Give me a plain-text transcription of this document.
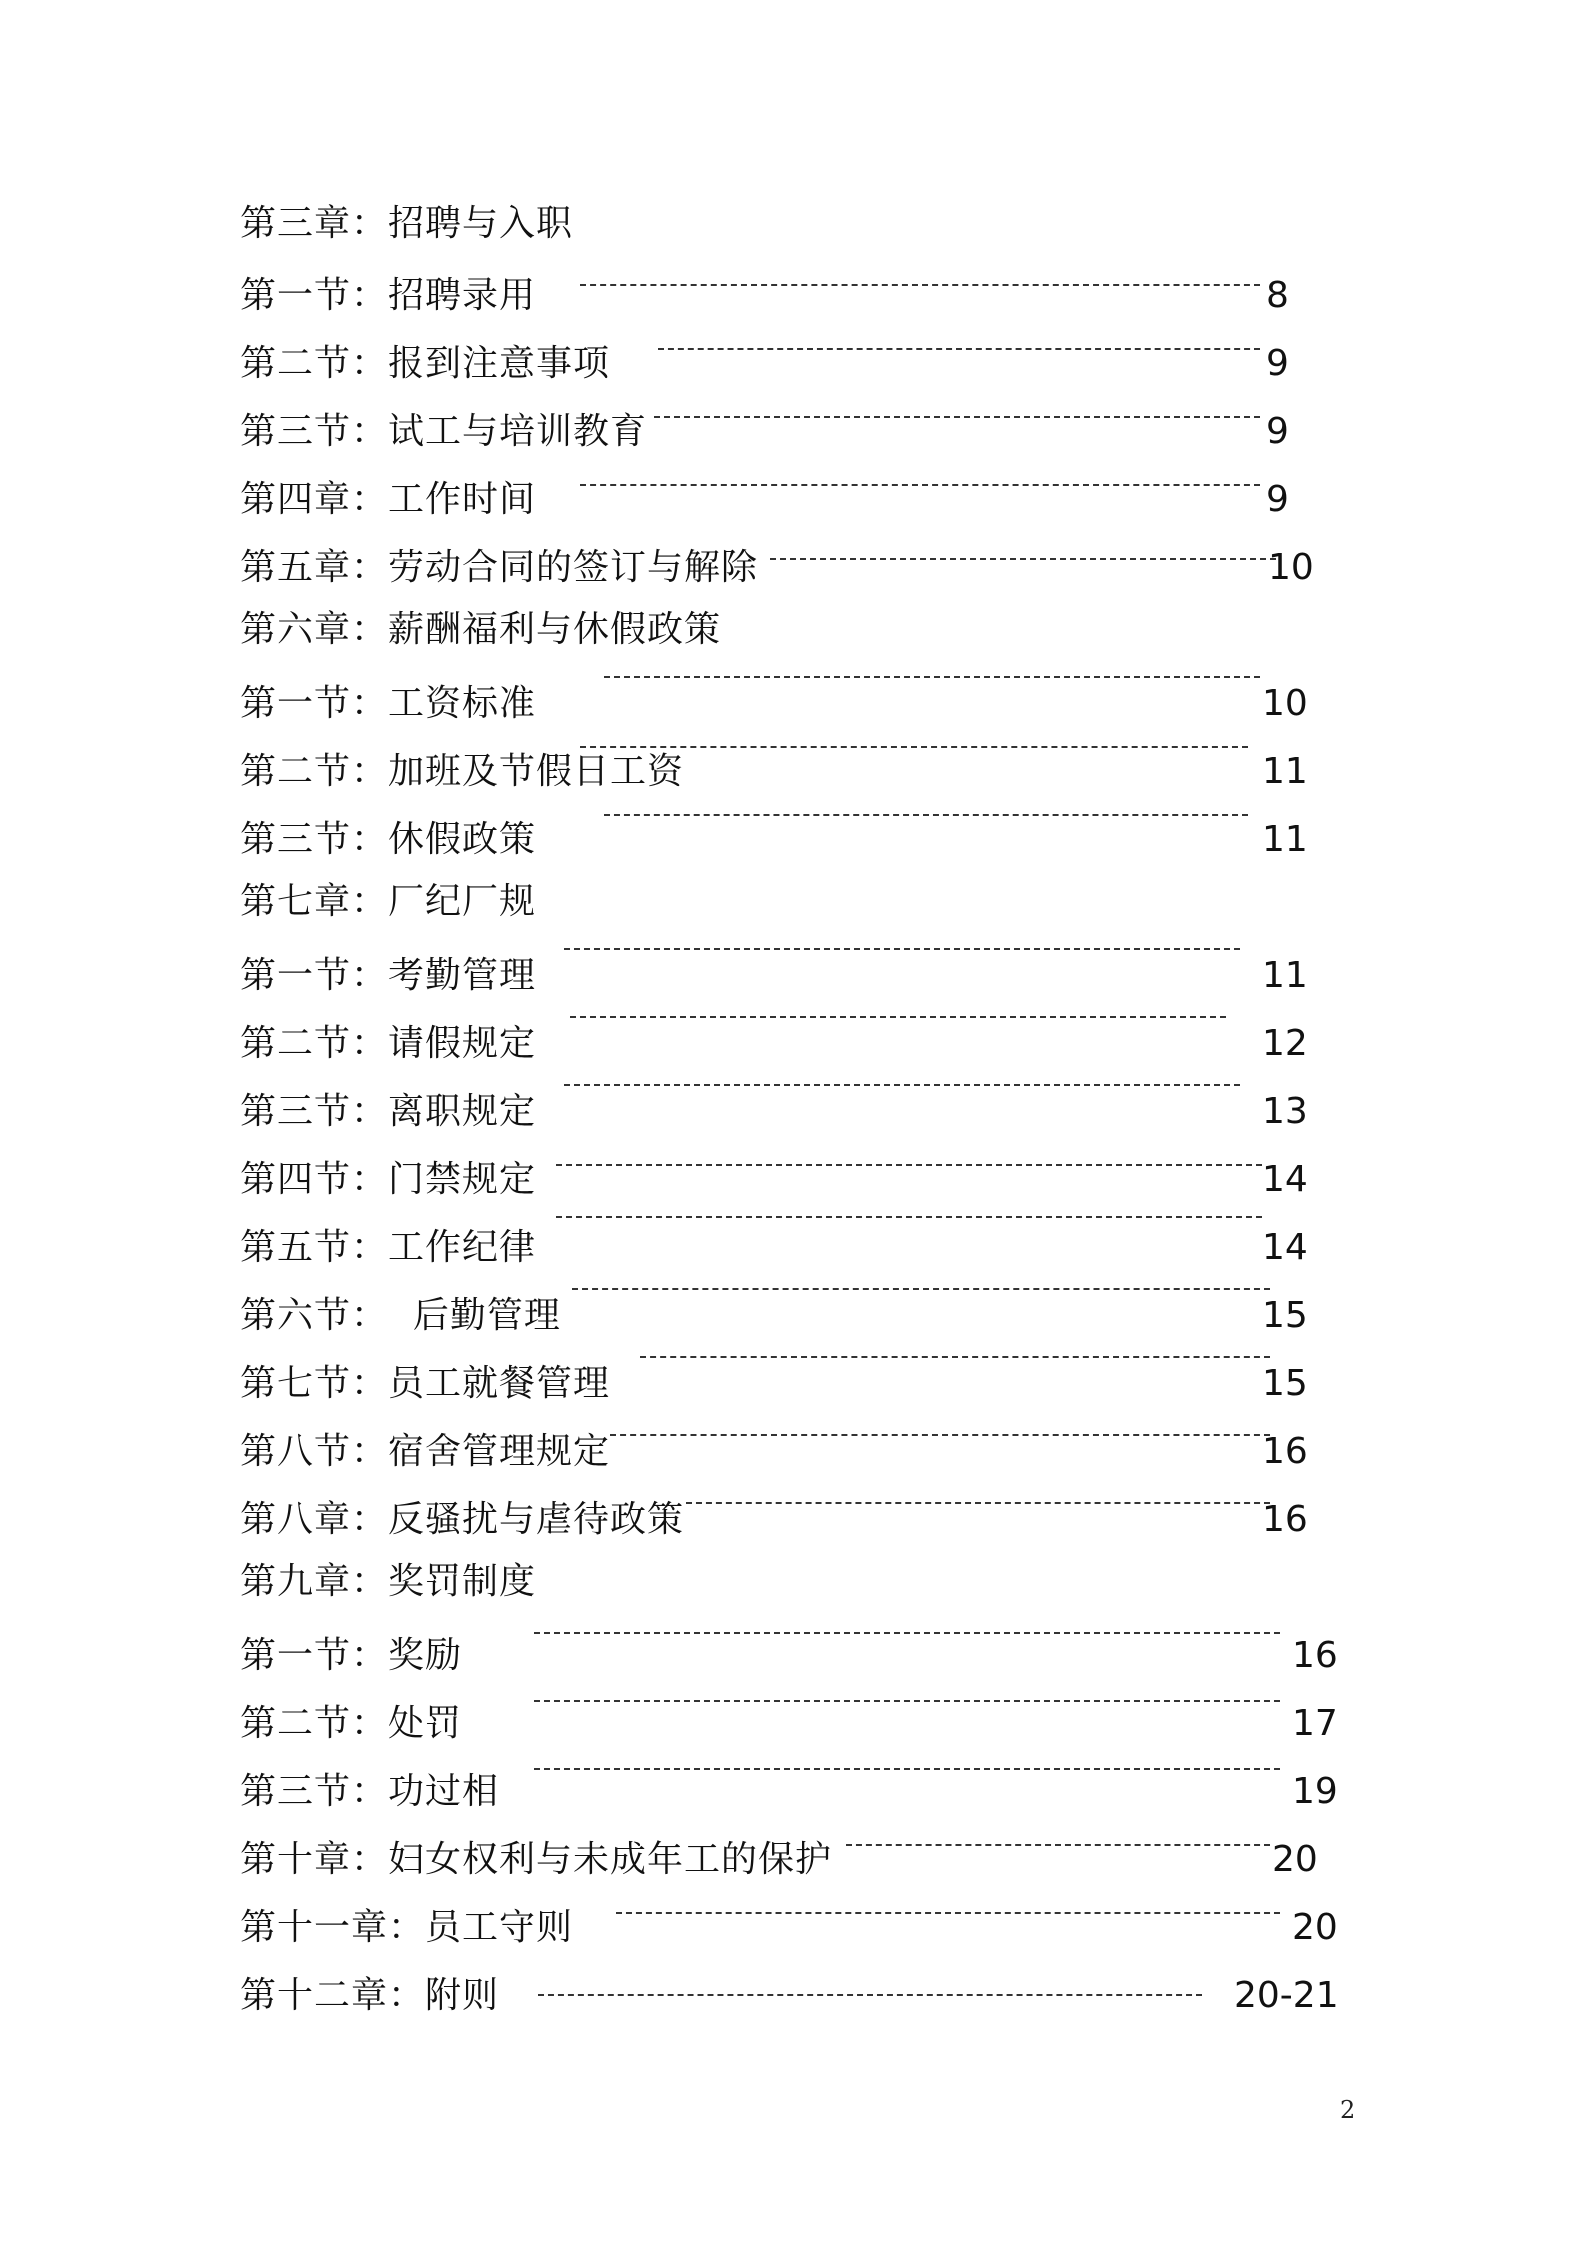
第三章：招聘与入职
第一节：招聘录用	8
第二节：报到注意事项	9
第三节：试工与培训教育	9
第四章：工作时间	9
第五章：劳动合同的签订与解除	10
第六章：薪酬福利与休假政策
第一节：工资标准	10
第二节：加班及节假日工资	11
第三节：休假政策	11
第七章：厂纪厂规
第一节：考勤管理	11
第二节：请假规定	12
第三节：离职规定	13
第四节：门禁规定	14
第五节：工作纪律	14
第六节：  后勤管理	15
第七节：员工就餐管理	15
第八节：宿舍管理规定	16
第八章：反骚扰与虐待政策	16
第九章：奖罚制度
第一节：奖励	16
第二节：处罚	17
第三节：功过相	19
第十章：妇女权利与未成年工的保护	20
第十一章：员工守则	20
第十二章：附则	20-21
2
